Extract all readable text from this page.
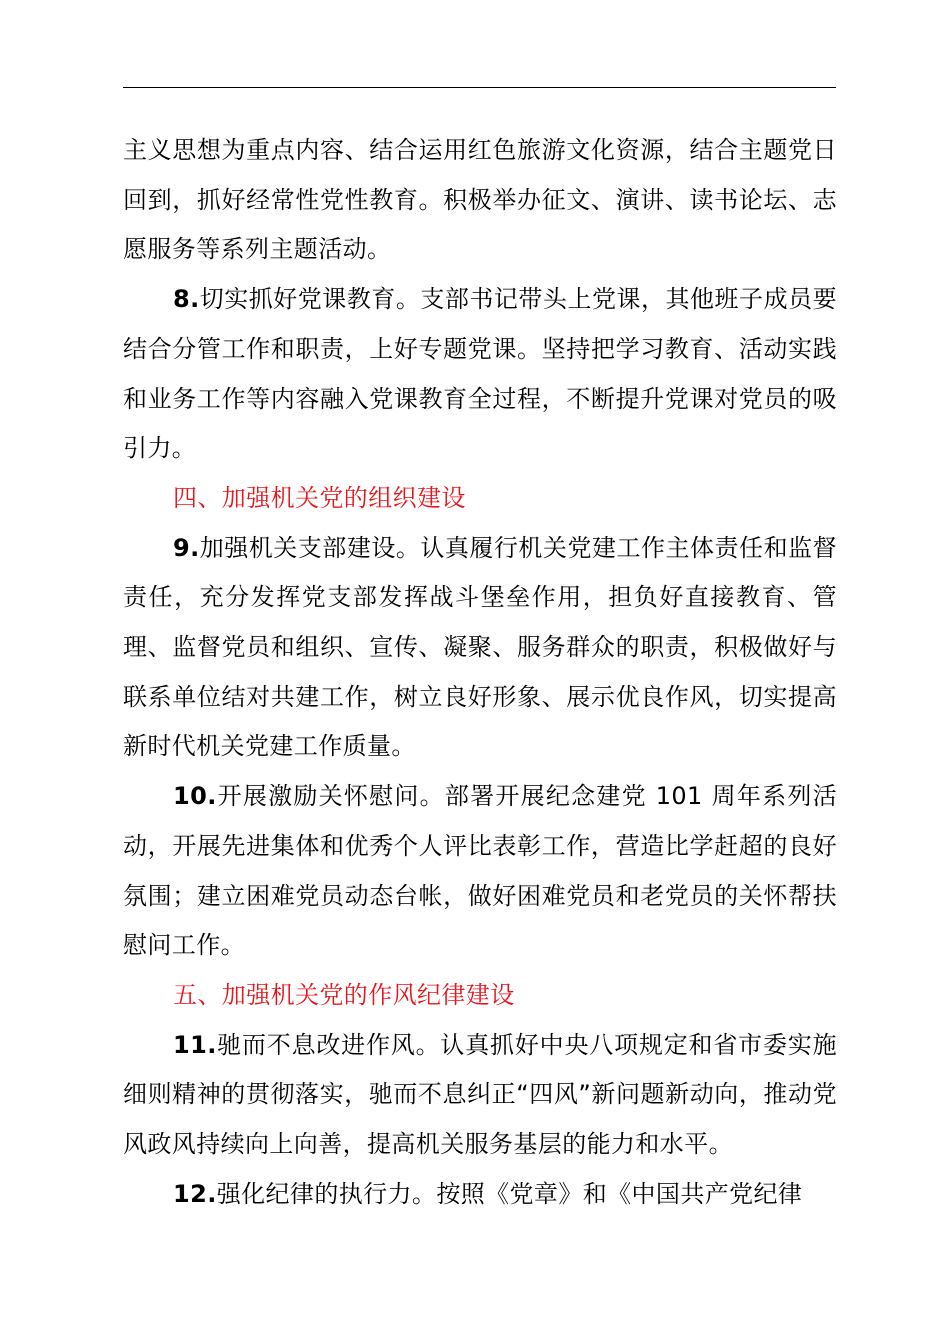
主义思想为重点内容、结合运用红色旅游文化资源，结合主题党日回到，抓好经常性党性教育。积极举办征文、演讲、读书论坛、志愿服务等系列主题活动。

8.切实抓好党课教育。支部书记带头上党课，其他班子成员要结合分管工作和职责，上好专题党课。坚持把学习教育、活动实践和业务工作等内容融入党课教育全过程，不断提升党课对党员的吸引力。

四、加强机关党的组织建设

9.加强机关支部建设。认真履行机关党建工作主体责任和监督责任，充分发挥党支部发挥战斗堡垒作用，担负好直接教育、管理、监督党员和组织、宣传、凝聚、服务群众的职责，积极做好与联系单位结对共建工作，树立良好形象、展示优良作风，切实提高新时代机关党建工作质量。

10.开展激励关怀慰问。部署开展纪念建党 101 周年系列活动，开展先进集体和优秀个人评比表彰工作，营造比学赶超的良好氛围；建立困难党员动态台帐，做好困难党员和老党员的关怀帮扶慰问工作。

五、加强机关党的作风纪律建设

11.驰而不息改进作风。认真抓好中央八项规定和省市委实施细则精神的贯彻落实，驰而不息纠正“四风”新问题新动向，推动党风政风持续向上向善，提高机关服务基层的能力和水平。

12.强化纪律的执行力。按照《党章》和《中国共产党纪律
